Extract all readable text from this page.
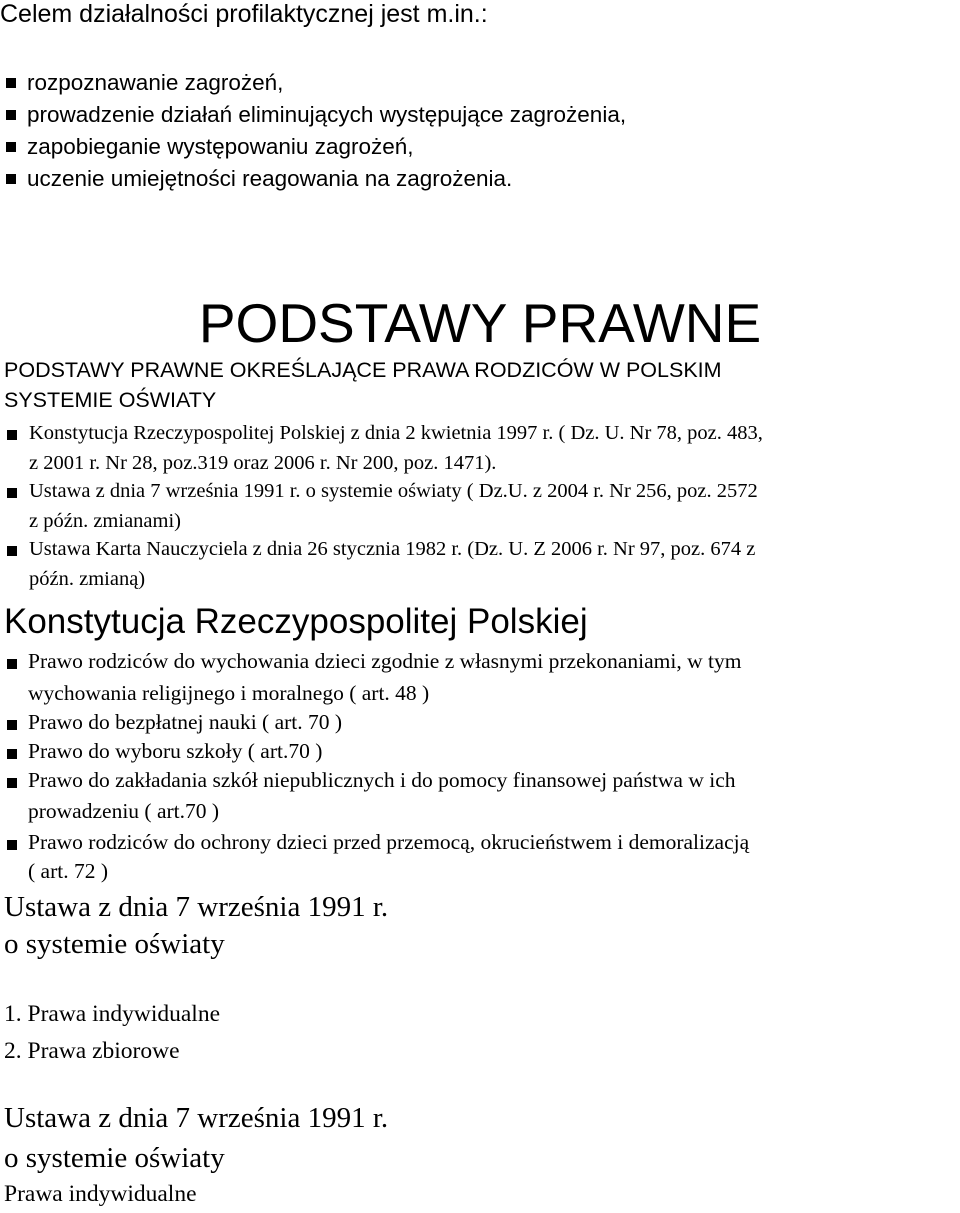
Celem działalności profilaktycznej jest m.in.:
rozpoznawanie zagrożeń,
prowadzenie działań eliminujących występujące zagrożenia,
zapobieganie występowaniu zagrożeń,
uczenie umiejętności reagowania na zagrożenia.
PODSTAWY PRAWNE
PODSTAWY PRAWNE OKREŚLAJĄCE PRAWA RODZICÓW W POLSKIM
SYSTEMIE OŚWIATY
Konstytucja Rzeczypospolitej Polskiej z dnia 2 kwietnia 1997 r. ( Dz. U. Nr 78, poz. 483,
z 2001 r. Nr 28, poz.319 oraz 2006 r. Nr 200, poz. 1471).
Ustawa z dnia 7 września 1991 r. o systemie oświaty ( Dz.U. z 2004 r. Nr 256, poz. 2572
z późn. zmianami)
Ustawa Karta Nauczyciela z dnia 26 stycznia 1982 r. (Dz. U. Z 2006 r. Nr 97, poz. 674 z
późn. zmianą)
Konstytucja Rzeczypospolitej Polskiej
Prawo rodziców do wychowania dzieci zgodnie z własnymi przekonaniami, w tym
wychowania religijnego i moralnego ( art. 48 )
Prawo do bezpłatnej nauki ( art. 70 )
Prawo do wyboru szkoły ( art.70 )
Prawo do zakładania szkół niepublicznych i do pomocy finansowej państwa w ich
prowadzeniu ( art.70 )
Prawo rodziców do ochrony dzieci przed przemocą, okrucieństwem i demoralizacją
( art. 72 )
Ustawa z dnia 7 września 1991 r.
o systemie oświaty
1. Prawa indywidualne
2. Prawa zbiorowe
Ustawa z dnia 7 września 1991 r.
o systemie oświaty
Prawa indywidualne
